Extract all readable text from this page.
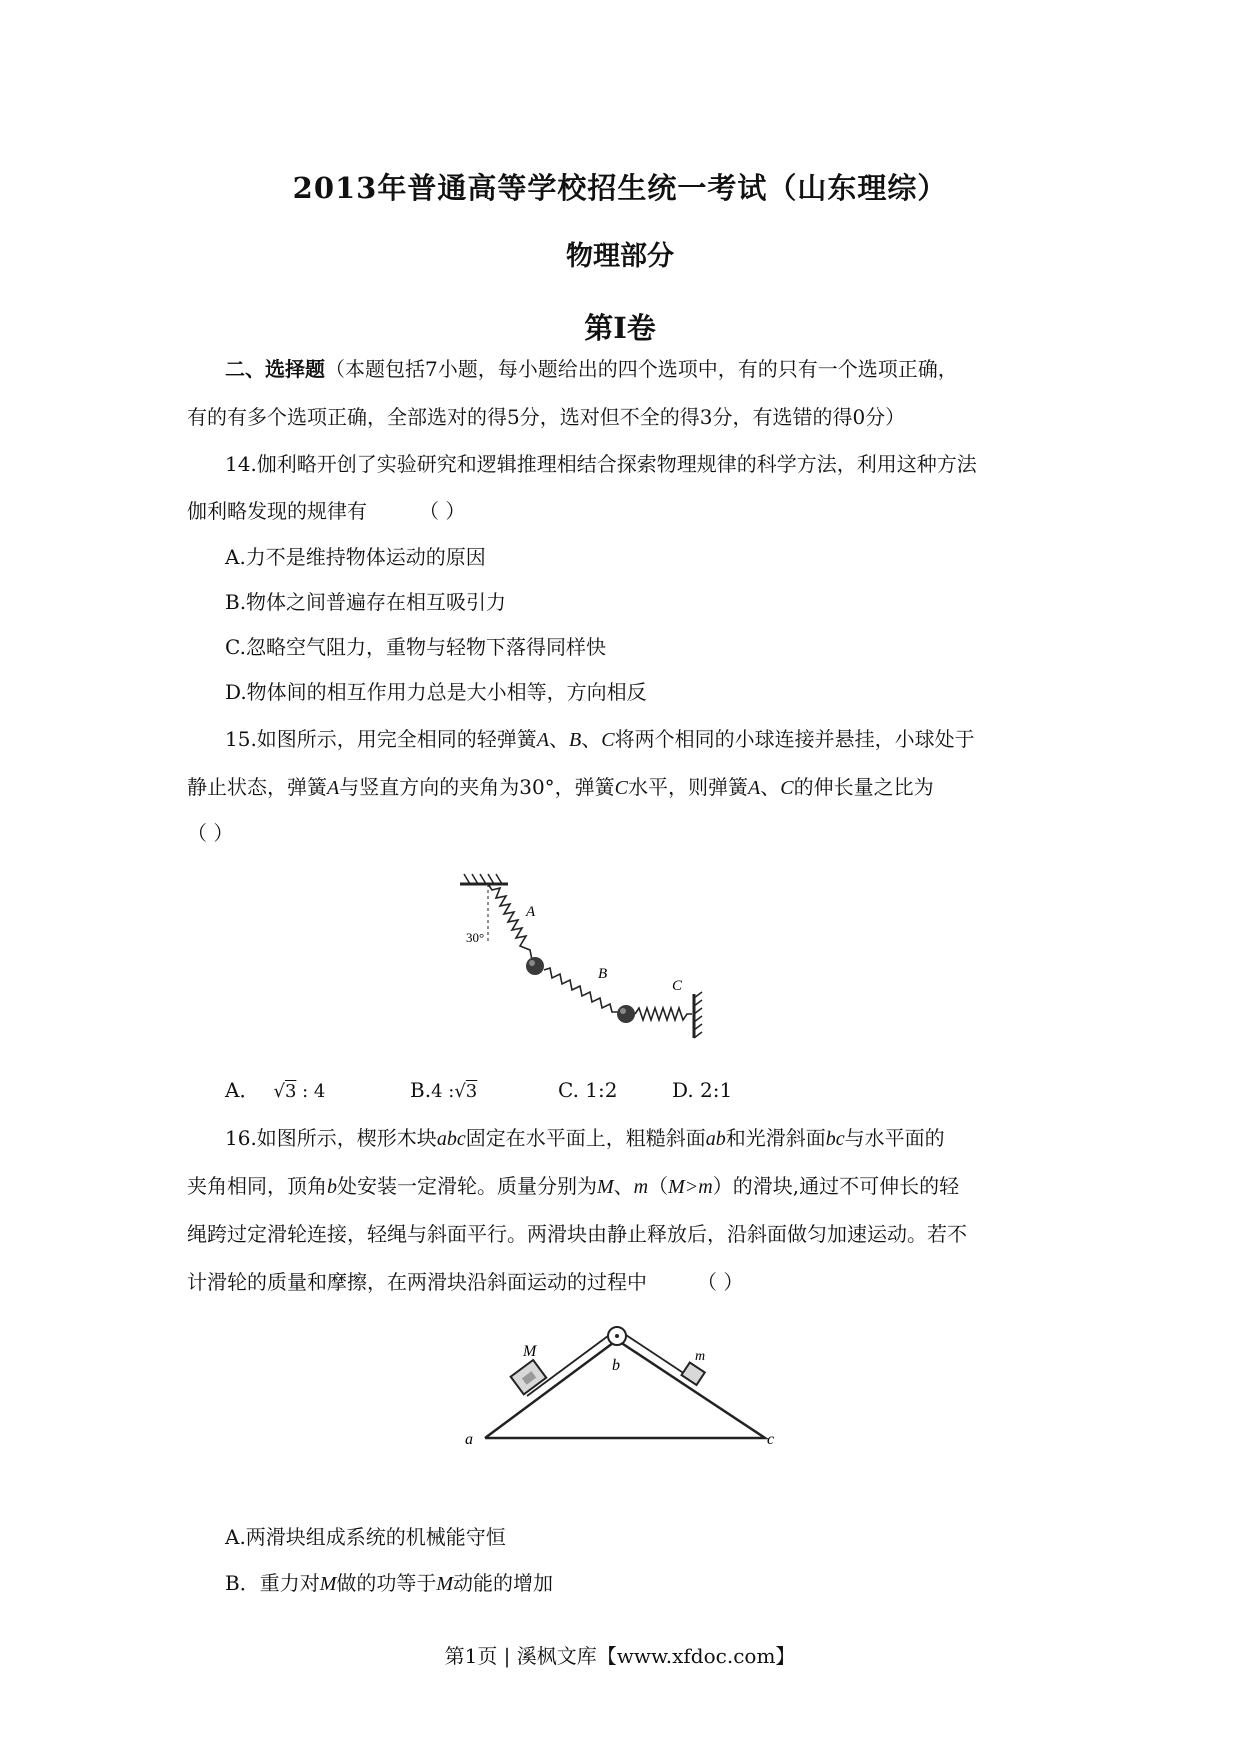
2013年普通高等学校招生统一考试（山东理综）
物理部分
第Ⅰ卷
二、选择题（本题包括7小题，每小题给出的四个选项中，有的只有一个选项正确，
有的有多个选项正确，全部选对的得5分，选对但不全的得3分，有选错的得0分）
14.伽利略开创了实验研究和逻辑推理相结合探索物理规律的科学方法，利用这种方法
伽利略发现的规律有	（ ）
A.力不是维持物体运动的原因
B.物体之间普遍存在相互吸引力
C.忽略空气阻力，重物与轻物下落得同样快
D.物体间的相互作用力总是大小相等，方向相反
15.如图所示，用完全相同的轻弹簧A、B、C将两个相同的小球连接并悬挂，小球处于
静止状态，弹簧A与竖直方向的夹角为30°，弹簧C水平，则弹簧A、C的伸长量之比为
（ ）
A
30°
B
C
A． √3 : 4	B.4 :√3	C. 1:2	D. 2:1
16.如图所示，楔形木块abc固定在水平面上，粗糙斜面ab和光滑斜面bc与水平面的
夹角相同，顶角b处安装一定滑轮。质量分别为M、m（M>m）的滑块,通过不可伸长的轻
绳跨过定滑轮连接，轻绳与斜面平行。两滑块由静止释放后，沿斜面做匀加速运动。若不
计滑轮的质量和摩擦，在两滑块沿斜面运动的过程中	（ ）
M
b
m
a	c
A.两滑块组成系统的机械能守恒
B．重力对M做的功等于M动能的增加
第1页 | 溪枫文库【www.xfdoc.com】
